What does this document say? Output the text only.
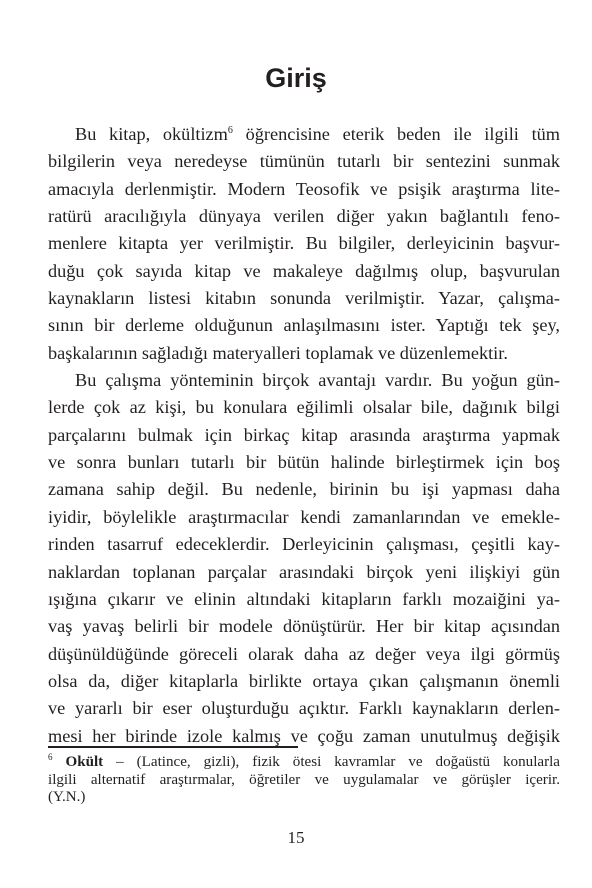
Giriş
Bu kitap, okültizm$^6$ öğrencisine eterik beden ile ilgili tüm
bilgilerin veya neredeyse tümünün tutarlı bir sentezini sunmak
amacıyla derlenmiştir. Modern Teosofik ve psişik araştırma lite-
ratürü aracılığıyla dünyaya verilen diğer yakın bağlantılı feno-
menlere kitapta yer verilmiştir. Bu bilgiler, derleyicinin başvur-
duğu çok sayıda kitap ve makaleye dağılmış olup, başvurulan
kaynakların listesi kitabın sonunda verilmiştir. Yazar, çalışma-
sının bir derleme olduğunun anlaşılmasını ister. Yaptığı tek şey,
başkalarının sağladığı materyalleri toplamak ve düzenlemektir.
Bu çalışma yönteminin birçok avantajı vardır. Bu yoğun gün-
lerde çok az kişi, bu konulara eğilimli olsalar bile, dağınık bilgi
parçalarını bulmak için birkaç kitap arasında araştırma yapmak
ve sonra bunları tutarlı bir bütün halinde birleştirmek için boş
zamana sahip değil. Bu nedenle, birinin bu işi yapması daha
iyidir, böylelikle araştırmacılar kendi zamanlarından ve emekle-
rinden tasarruf edeceklerdir. Derleyicinin çalışması, çeşitli kay-
naklardan toplanan parçalar arasındaki birçok yeni ilişkiyi gün
ışığına çıkarır ve elinin altındaki kitapların farklı mozaiğini ya-
vaş yavaş belirli bir modele dönüştürür. Her bir kitap açısından
düşünüldüğünde göreceli olarak daha az değer veya ilgi görmüş
olsa da, diğer kitaplarla birlikte ortaya çıkan çalışmanın önemli
ve yararlı bir eser oluşturduğu açıktır. Farklı kaynakların derlen-
mesi her birinde izole kalmış ve çoğu zaman unutulmuş değişik
$^6$ Okült – (Latince, gizli), fizik ötesi kavramlar ve doğaüstü konularla
ilgili alternatif araştırmalar, öğretiler ve uygulamalar ve görüşler içerir.
(Y.N.)
15
